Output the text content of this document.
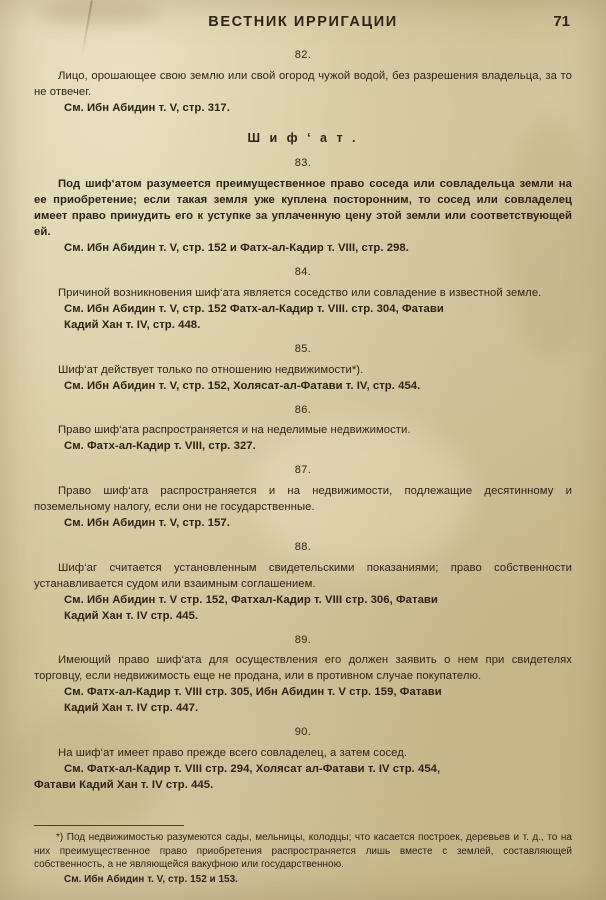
ВЕСТНИК ИРРИГАЦИИ	71
82.

Лицо, орошающее свою землю или свой огород чужой водой, без разрешения владельца, за то не отвечег.

См. Ибн Абидин т. V, стр. 317.

Ш и ф ‘ а т .
83.

Под шиф‘атом разумеется преимущественное право соседа или совладельца земли на ее приобретение; если такая земля уже куплена посторонним, то сосед или совладелец имеет право принудить его к уступке за уплаченную цену этой земли или соответствующей ей.

См. Ибн Абидин т. V, стр. 152 и Фатх-ал-Кадир т. VIII, стр. 298.

84.

Причиной возникновения шиф‘ата является соседство или совладение в известной земле.

См. Ибн Абидин т. V, стр. 152 Фатх-ал-Кадир т. VIII. стр. 304, Фатави

Кадий Хан т. IV, стр. 448.

85.

Шиф‘ат действует только по отношению недвижимости*).

См. Ибн Абидин т. V, стр. 152, Холясат-ал-Фатави т. IV, стр. 454.

86.

Право шиф‘ата распространяется и на неделимые недвижимости.

См. Фатх-ал-Кадир т. VIII, стр. 327.

87.

Право шиф‘ата распространяется и на недвижимости, подлежащие десятинному и поземельному налогу, если они не государственные.

См. Ибн Абидин т. V, стр. 157.

88.

Шиф‘аг считается установленным свидетельскими показаниями; право собственности устанавливается судом или взаимным соглашением.

См. Ибн Абидин т. V стр. 152, Фатхал-Кадир т. VIII стр. 306, Фатави

Кадий Хан т. IV стр. 445.

89.

Имеющий право шиф‘ата для осуществления его должен заявить о нем при свидетелях торговцу, если недвижимость еще не продана, или в противном случае покупателю.

См. Фатх-ал-Кадир т. VIII стр. 305, Ибн Абидин т. V стр. 159, Фатави

Кадий Хан т. IV стр. 447.

90.

На шиф‘ат имеет право прежде всего совладелец, а затем сосед.

См. Фатх-ал-Кадир т. VIII стр. 294, Холясат ал-Фатави т. IV стр. 454,

Фатави Кадий Хан т. IV стр. 445.

*) Под недвижимостью разумеются сады, мельницы, колодцы; что касается построек, деревьев и т. д., то на них преимущественное право приобретения распространяется лишь вместе с землей, составляющей собственность, а не являющейся вакуфною или государственною.

См. Ибн Абидин т. V, стр. 152 и 153.
